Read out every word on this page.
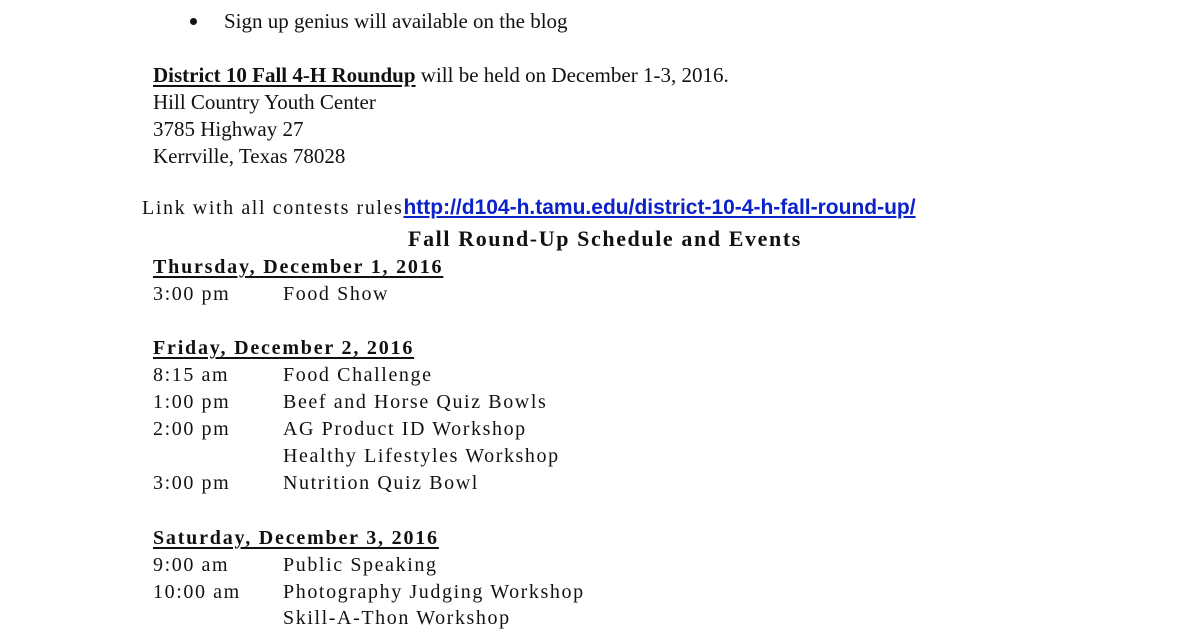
Sign up genius will available on the blog
District 10 Fall 4-H Roundup will be held on December 1-3, 2016.
Hill Country Youth Center
3785 Highway 27
Kerrville, Texas 78028
Link with all contests ruleshttp://d104-h.tamu.edu/district-10-4-h-fall-round-up/
Fall Round-Up Schedule and Events
Thursday, December 1, 2016
3:00 pm	Food Show
Friday, December 2, 2016
8:15 am	Food Challenge
1:00 pm	Beef and Horse Quiz Bowls
2:00 pm	AG Product ID Workshop
Healthy Lifestyles Workshop
3:00 pm	Nutrition Quiz Bowl
Saturday, December 3, 2016
9:00 am	Public Speaking
10:00 am Photography Judging Workshop
Skill-A-Thon Workshop
